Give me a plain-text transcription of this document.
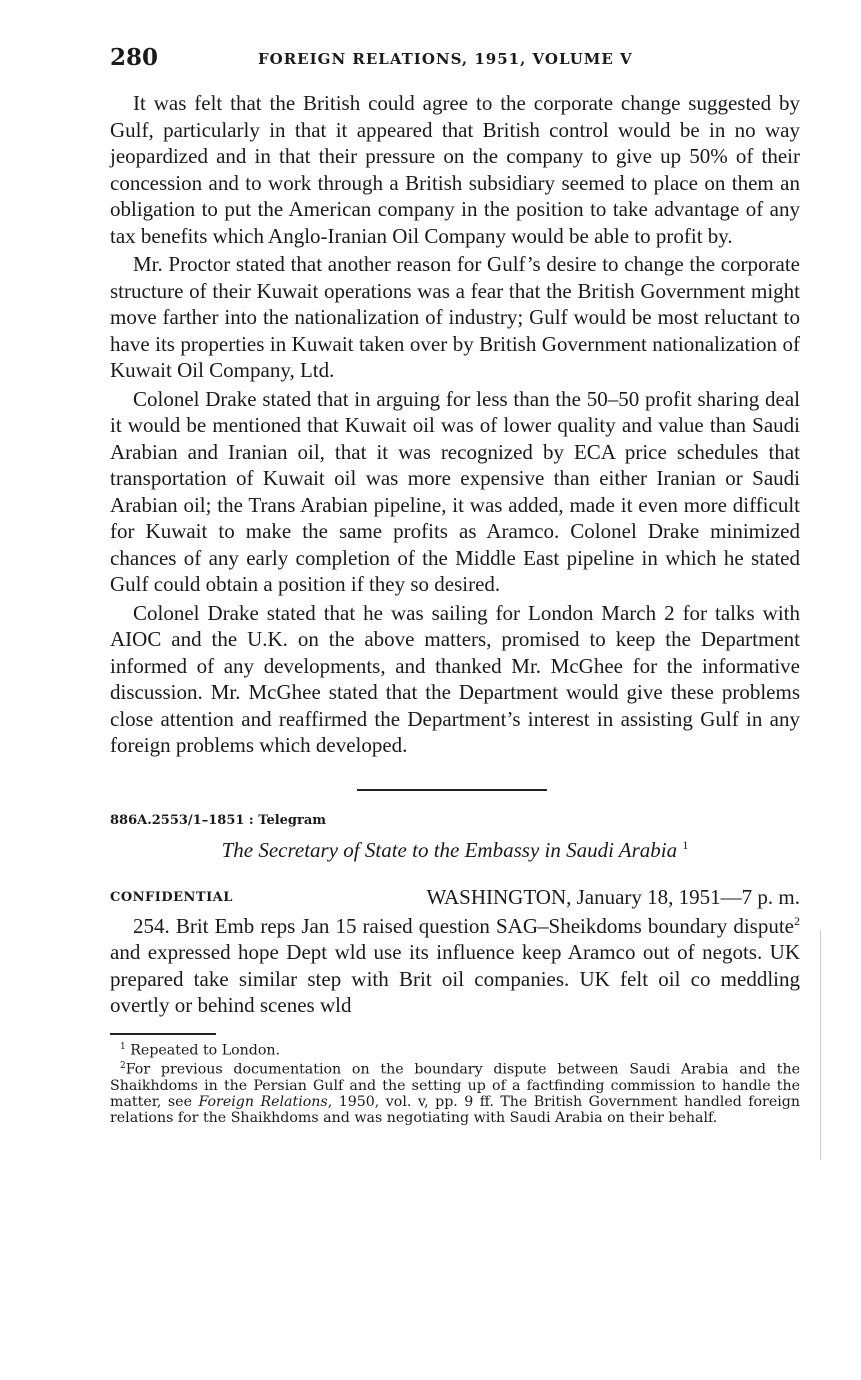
280	FOREIGN RELATIONS, 1951, VOLUME V

It was felt that the British could agree to the corporate change suggested by Gulf, particularly in that it appeared that British control would be in no way jeopardized and in that their pressure on the company to give up 50% of their concession and to work through a British subsidiary seemed to place on them an obligation to put the American company in the position to take advantage of any tax benefits which Anglo-Iranian Oil Company would be able to profit by.

Mr. Proctor stated that another reason for Gulf’s desire to change the corporate structure of their Kuwait operations was a fear that the British Government might move farther into the nationalization of industry; Gulf would be most reluctant to have its properties in Kuwait taken over by British Government nationalization of Kuwait Oil Company, Ltd.

Colonel Drake stated that in arguing for less than the 50–50 profit sharing deal it would be mentioned that Kuwait oil was of lower quality and value than Saudi Arabian and Iranian oil, that it was recognized by ECA price schedules that transportation of Kuwait oil was more expensive than either Iranian or Saudi Arabian oil; the Trans Arabian pipeline, it was added, made it even more difficult for Kuwait to make the same profits as Aramco. Colonel Drake minimized chances of any early completion of the Middle East pipeline in which he stated Gulf could obtain a position if they so desired.

Colonel Drake stated that he was sailing for London March 2 for talks with AIOC and the U.K. on the above matters, promised to keep the Department informed of any developments, and thanked Mr. McGhee for the informative discussion. Mr. McGhee stated that the Department would give these problems close attention and reaffirmed the Department’s interest in assisting Gulf in any foreign problems which developed.

886A.2553/1–1851 : Telegram
The Secretary of State to the Embassy in Saudi Arabia $^1$
CONFIDENTIAL	WASHINGTON, January 18, 1951—7 p. m.

254. Brit Emb reps Jan 15 raised question SAG–Sheikdoms boundary dispute$^2$ and expressed hope Dept wld use its influence keep Aramco out of negots. UK prepared take similar step with Brit oil companies. UK felt oil co meddling overtly or behind scenes wld

$^1$ Repeated to London.

$^2$For previous documentation on the boundary dispute between Saudi Arabia and the Shaikhdoms in the Persian Gulf and the setting up of a factfinding commission to handle the matter, see Foreign Relations, 1950, vol. v, pp. 9 ff. The British Government handled foreign relations for the Shaikhdoms and was negotiating with Saudi Arabia on their behalf.
